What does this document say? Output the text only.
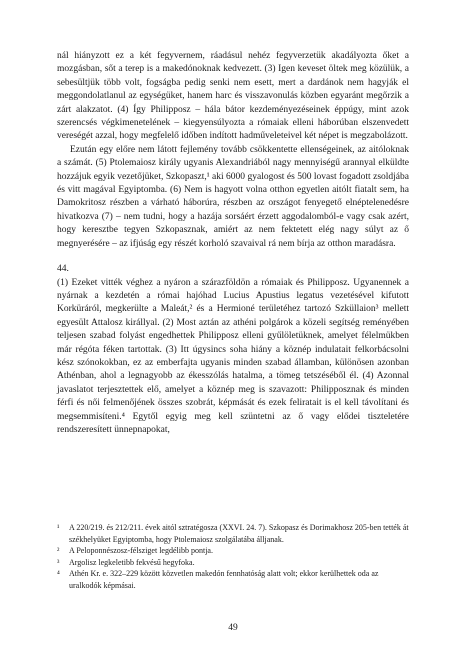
nál hiányzott ez a két fegyvernem, ráadásul nehéz fegyverzetük akadályozta őket a mozgásban, sőt a terep is a makedónoknak kedvezett. (3) Igen keveset öltek meg közülük, a sebesültjük több volt, fogságba pedig senki nem esett, mert a dardánok nem hagyják el meggondolatlanul az egységüket, hanem harc és visszavonulás közben egyaránt megőrzik a zárt alakzatot. (4) Így Philipposz – hála bátor kezdeményezéseinek éppúgy, mint azok szerencsés végkimenetelének – kiegyensúlyozta a rómaiak elleni háborúban elszenvedett vereségét azzal, hogy megfelelő időben indított hadműveleteivel két népet is megzabolázott.

Ezután egy előre nem látott fejlemény tovább csökkentette ellenségeinek, az aitóloknak a számát. (5) Ptolemaiosz király ugyanis Alexandriából nagy mennyiségű arannyal elküldte hozzájuk egyik vezetőjüket, Szkopaszt,¹ aki 6000 gyalogost és 500 lovast fogadott zsoldjába és vitt magával Egyiptomba. (6) Nem is hagyott volna otthon egyetlen aitólt fiatalt sem, ha Damokritosz részben a várható háborúra, részben az országot fenyegető elnéptelenedésre hivatkozva (7) – nem tudni, hogy a hazája sorsáért érzett aggodalomból-e vagy csak azért, hogy keresztbe tegyen Szkopasznak, amiért az nem fektetett elég nagy súlyt az ő megnyerésére – az ifjúság egy részét korholó szavaival rá nem bírja az otthon maradásra.

44.

(1) Ezeket vitték véghez a nyáron a szárazföldön a rómaiak és Philipposz. Ugyanennek a nyárnak a kezdetén a római hajóhad Lucius Apustius legatus vezetésével kifutott Korküráról, megkerülte a Maleát,² és a Hermioné területéhez tartozó Szküllaion³ mellett egyesült Attalosz királlyal. (2) Most aztán az athéni polgárok a közeli segítség reményében teljesen szabad folyást engedhettek Philipposz elleni gyűlöletüknek, amelyet félelmükben már régóta féken tartottak. (3) Itt úgysincs soha hiány a köznép indulatait felkorbácsolni kész szónokokban, ez az emberfajta ugyanis minden szabad államban, különösen azonban Athénban, ahol a legnagyobb az ékesszólás hatalma, a tömeg tetszéséből él. (4) Azonnal javaslatot terjesztettek elő, amelyet a köznép meg is szavazott: Philipposznak és minden férfi és női felmenőjének összes szobrát, képmását és ezek feliratait is el kell távolítani és megsemmisíteni.⁴ Egytől egyig meg kell szüntetni az ő vagy elődei tiszteletére rendszeresített ünnepnapokat,

¹	A 220/219. és 212/211. évek aitól sztratégosza (XXVI. 24. 7). Szkopasz és Dorimakhosz 205-ben tették át székhelyüket Egyiptomba, hogy Ptolemaiosz szolgálatába álljanak.
²	A Peloponnészosz-félsziget legdélibb pontja.
³	Argolisz legkeletibb fekvésű hegyfoka.
⁴	Athén Kr. e. 322–229 között közvetlen makedón fennhatóság alatt volt; ekkor kerülhettek oda az uralkodók képmásai.
49
